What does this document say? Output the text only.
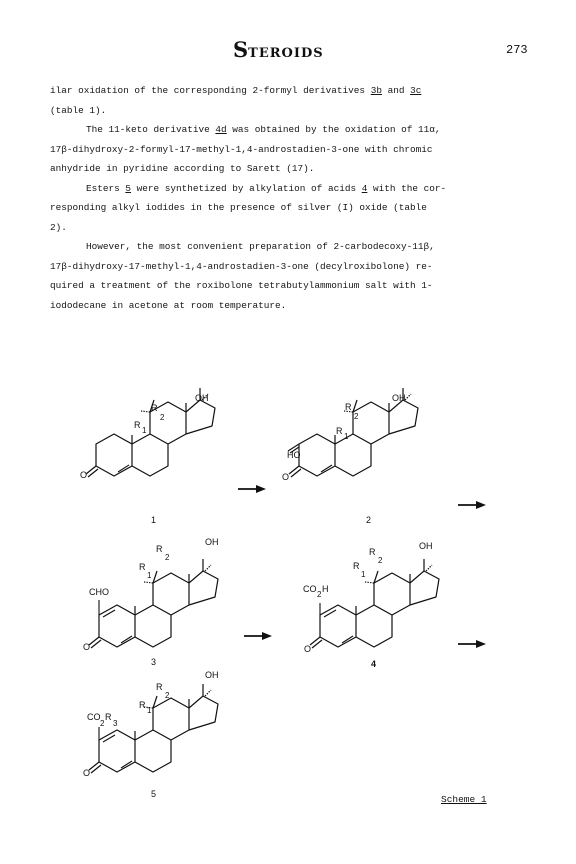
STEROIDS	273
ilar oxidation of the corresponding 2-formyl derivatives 3b and 3c
(table 1).
The 11-keto derivative 4d was obtained by the oxidation of 11α,
17β-dihydroxy-2-formyl-17-methyl-1,4-androstadien-3-one with chromic
anhydride in pyridine according to Sarett (17).
Esters 5 were synthetized by alkylation of acids 4 with the cor-
responding alkyl iodides in the presence of silver (I) oxide (table
2).
However, the most convenient preparation of 2-carbodecoxy-11β,
17β-dihydroxy-17-methyl-1,4-androstadien-3-one (decylroxibolone) re-
quired a treatment of the roxibolone tetrabutylammonium salt with 1-
iododecane in acetone at room temperature.
OH
R
2
R
1
O
1
OH
R
2
R
1
HO
O
2
OH
R
2
R
1
CHO
O
3
OH
R
2
R
1
CO
2
H
O
4
OH
R
2
R
1
CO
2
R
3
O
5	Scheme 1
